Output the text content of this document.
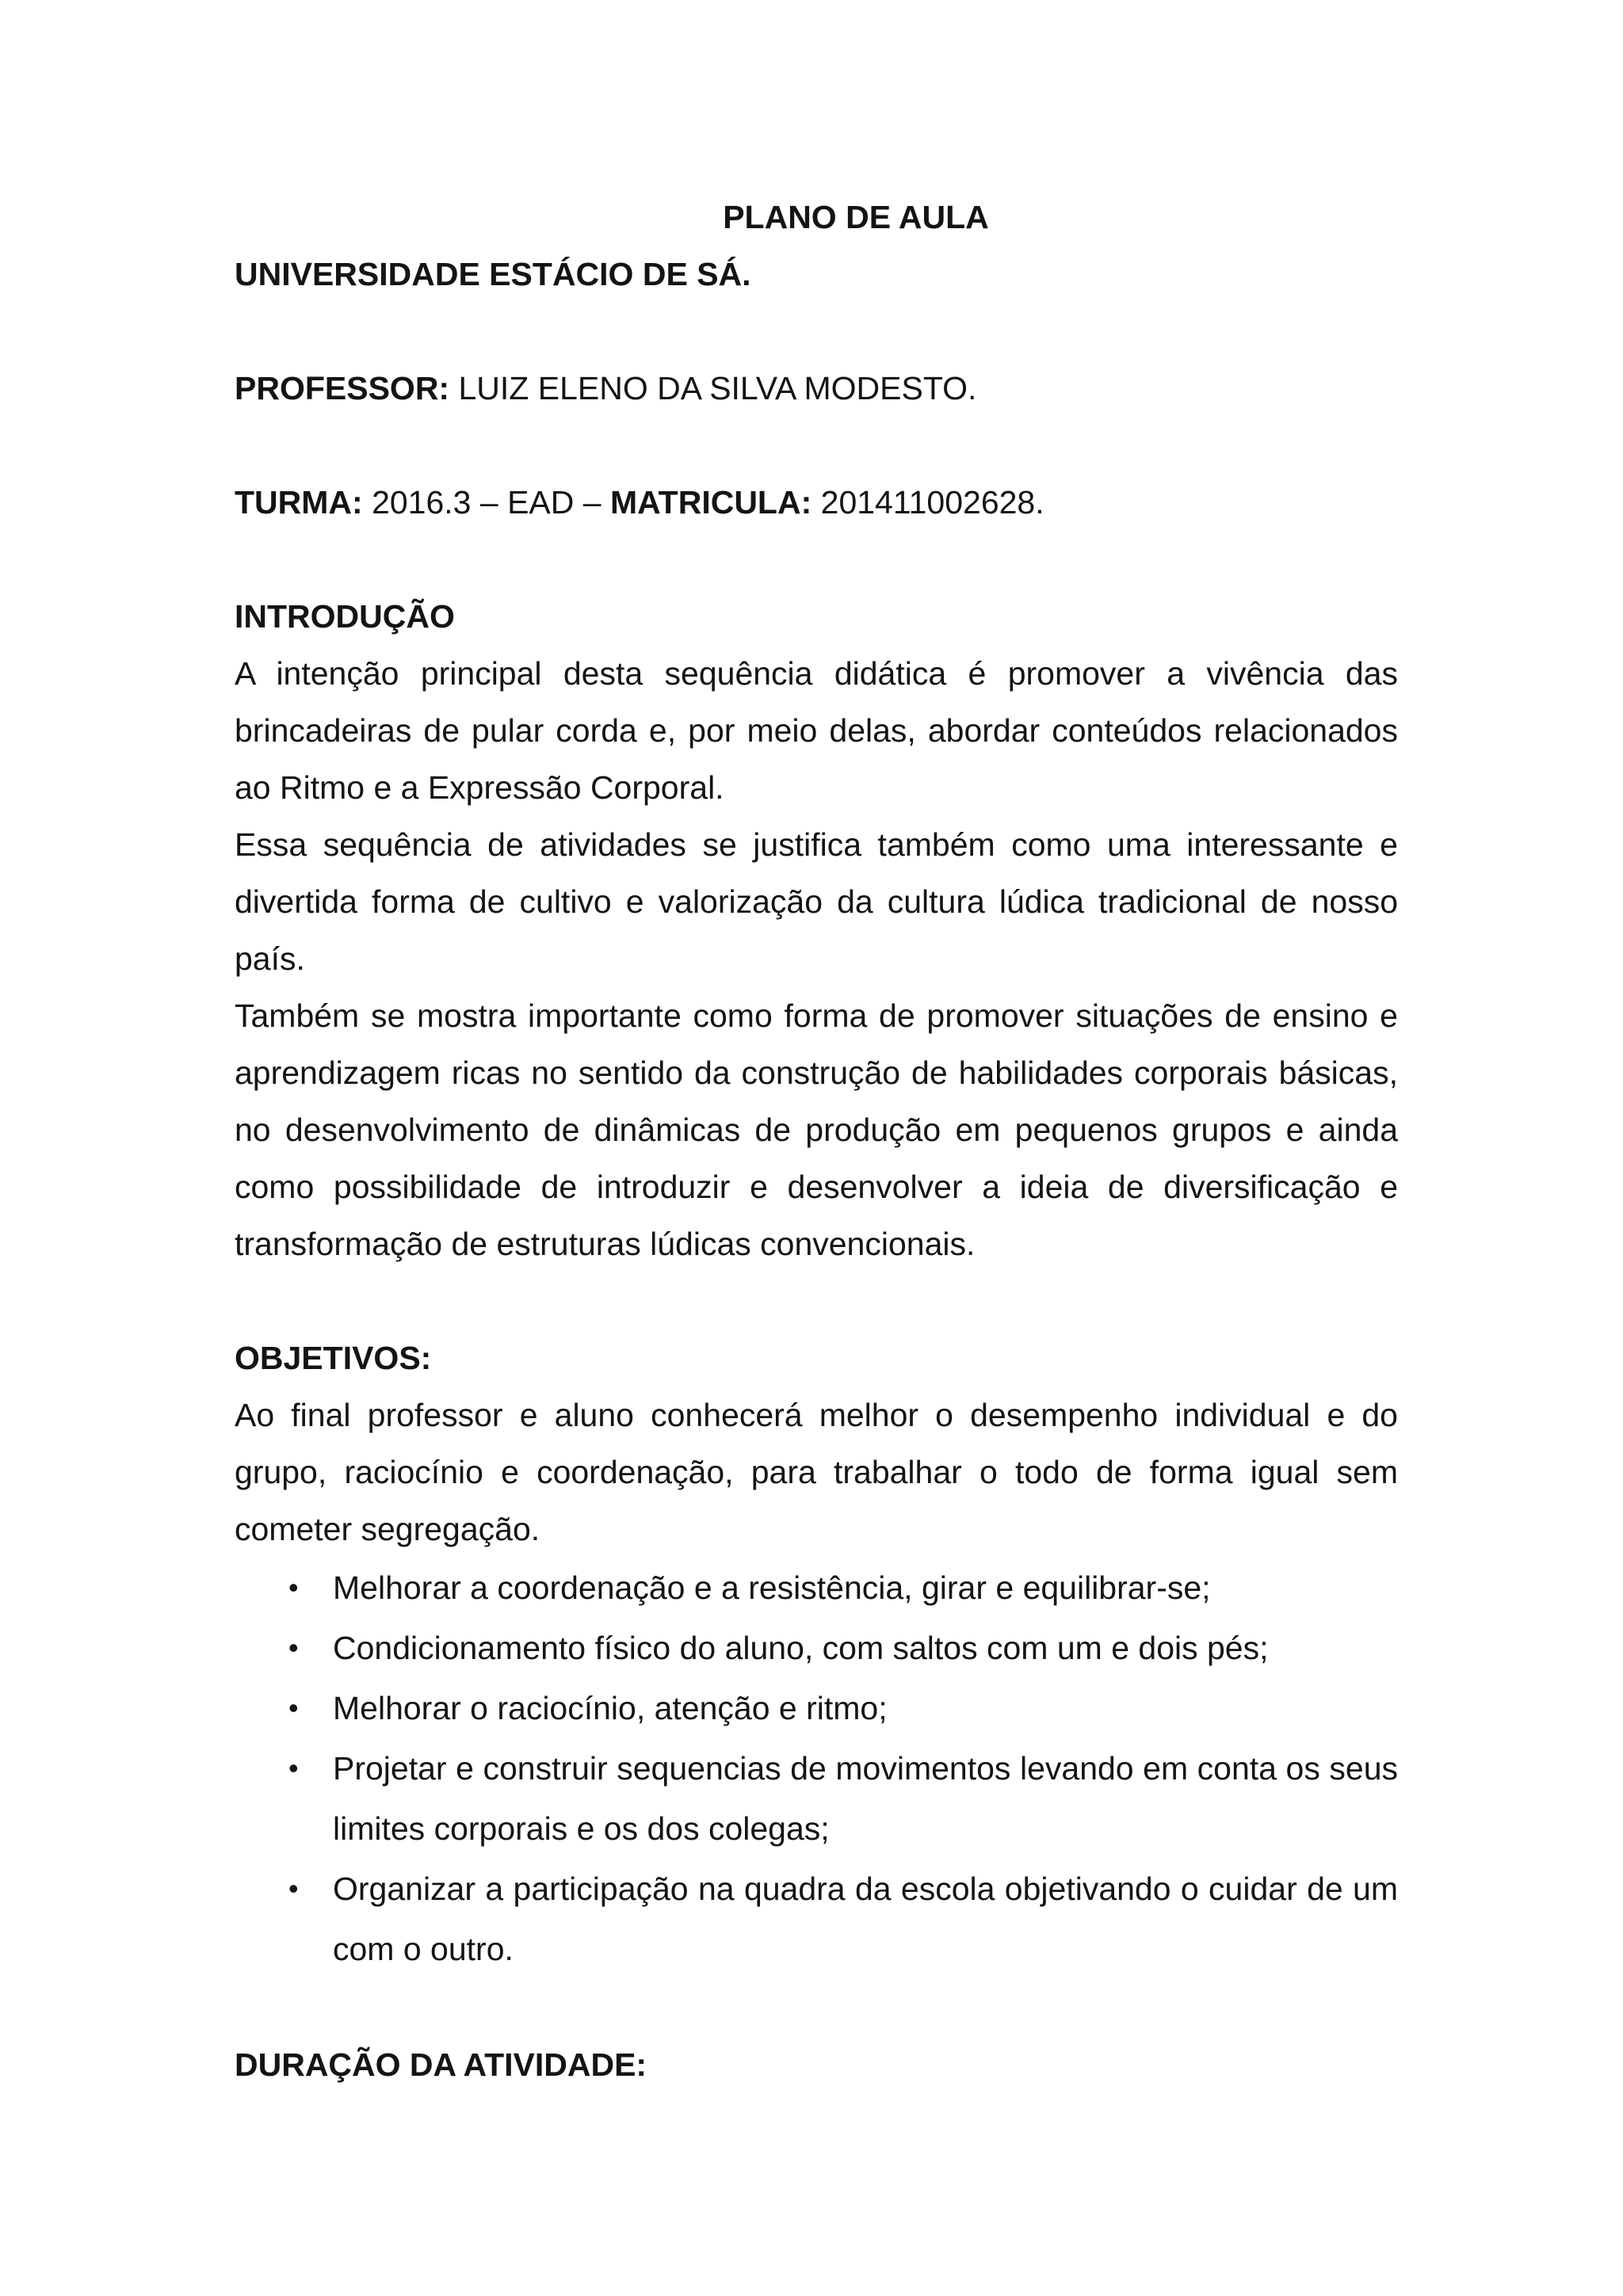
PLANO DE AULA

UNIVERSIDADE ESTÁCIO DE SÁ.

PROFESSOR: LUIZ ELENO DA SILVA MODESTO.

TURMA: 2016.3 – EAD – MATRICULA: 201411002628.

INTRODUÇÃO

A intenção principal desta sequência didática é promover a vivência das brincadeiras de pular corda e, por meio delas, abordar conteúdos relacionados ao Ritmo e a Expressão Corporal.

Essa sequência de atividades se justifica também como uma interessante e divertida forma de cultivo e valorização da cultura lúdica tradicional de nosso país.

Também se mostra importante como forma de promover situações de ensino e aprendizagem ricas no sentido da construção de habilidades corporais básicas, no desenvolvimento de dinâmicas de produção em pequenos grupos e ainda como possibilidade de introduzir e desenvolver a ideia de diversificação e transformação de estruturas lúdicas convencionais.

OBJETIVOS:

Ao final professor e aluno conhecerá melhor o desempenho individual e do grupo, raciocínio e coordenação, para trabalhar o todo de forma igual sem cometer segregação.

• Melhorar a coordenação e a resistência, girar e equilibrar-se;
• Condicionamento físico do aluno, com saltos com um e dois pés;
• Melhorar o raciocínio, atenção e ritmo;
• Projetar e construir sequencias de movimentos levando em conta os seus limites corporais e os dos colegas;
• Organizar a participação na quadra da escola objetivando o cuidar de um com o outro.

DURAÇÃO DA ATIVIDADE:
